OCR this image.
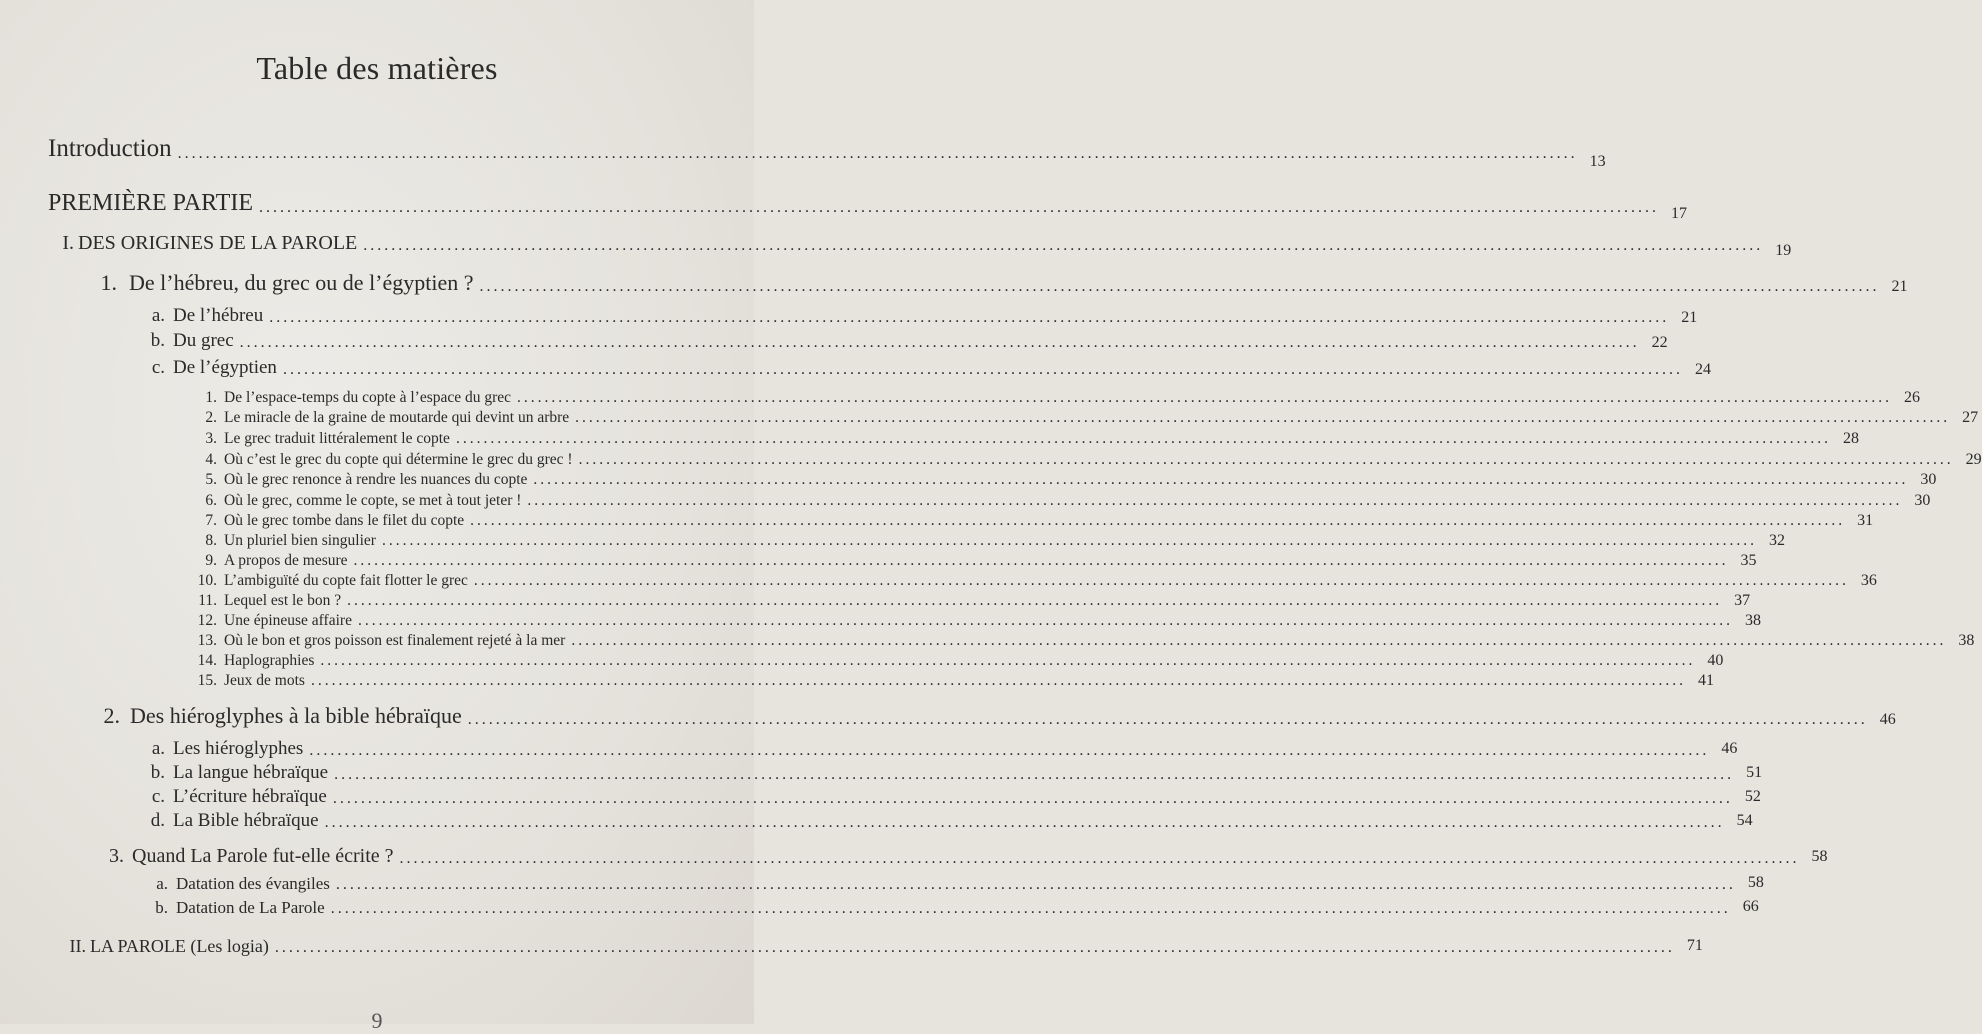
Table des matières
Introduction ........................................................................................................................................................................................................ 13
PREMIÈRE PARTIE ........................................................................................................................................................................................................ 17
I. DES ORIGINES DE LA PAROLE ........................................................................................................................................................................................................ 19
1. De l’hébreu, du grec ou de l’égyptien ? ........................................................................................................................................................................................................ 21
a. De l’hébreu ........................................................................................................................................................................................................ 21
b. Du grec ........................................................................................................................................................................................................ 22
c. De l’égyptien ........................................................................................................................................................................................................ 24
1. De l’espace-temps du copte à l’espace du grec ........................................................................................................................................................................................................ 26
2. Le miracle de la graine de moutarde qui devint un arbre ........................................................................................................................................................................................................ 27
3. Le grec traduit littéralement le copte ........................................................................................................................................................................................................ 28
4. Où c’est le grec du copte qui détermine le grec du grec ! ........................................................................................................................................................................................................ 29
5. Où le grec renonce à rendre les nuances du copte ........................................................................................................................................................................................................ 30
6. Où le grec, comme le copte, se met à tout jeter ! ........................................................................................................................................................................................................ 30
7. Où le grec tombe dans le filet du copte ........................................................................................................................................................................................................ 31
8. Un pluriel bien singulier ........................................................................................................................................................................................................ 32
9. A propos de mesure ........................................................................................................................................................................................................ 35
10. L’ambiguïté du copte fait flotter le grec ........................................................................................................................................................................................................ 36
11. Lequel est le bon ? ........................................................................................................................................................................................................ 37
12. Une épineuse affaire ........................................................................................................................................................................................................ 38
13. Où le bon et gros poisson est finalement rejeté à la mer ........................................................................................................................................................................................................ 38
14. Haplographies ........................................................................................................................................................................................................ 40
15. Jeux de mots ........................................................................................................................................................................................................ 41
2. Des hiéroglyphes à la bible hébraïque ........................................................................................................................................................................................................ 46
a. Les hiéroglyphes ........................................................................................................................................................................................................ 46
b. La langue hébraïque ........................................................................................................................................................................................................ 51
c. L’écriture hébraïque ........................................................................................................................................................................................................ 52
d. La Bible hébraïque ........................................................................................................................................................................................................ 54
3. Quand La Parole fut-elle écrite ? ........................................................................................................................................................................................................ 58
a. Datation des évangiles ........................................................................................................................................................................................................ 58
b. Datation de La Parole ........................................................................................................................................................................................................ 66
II. LA PAROLE (Les logia) ........................................................................................................................................................................................................ 71
9
